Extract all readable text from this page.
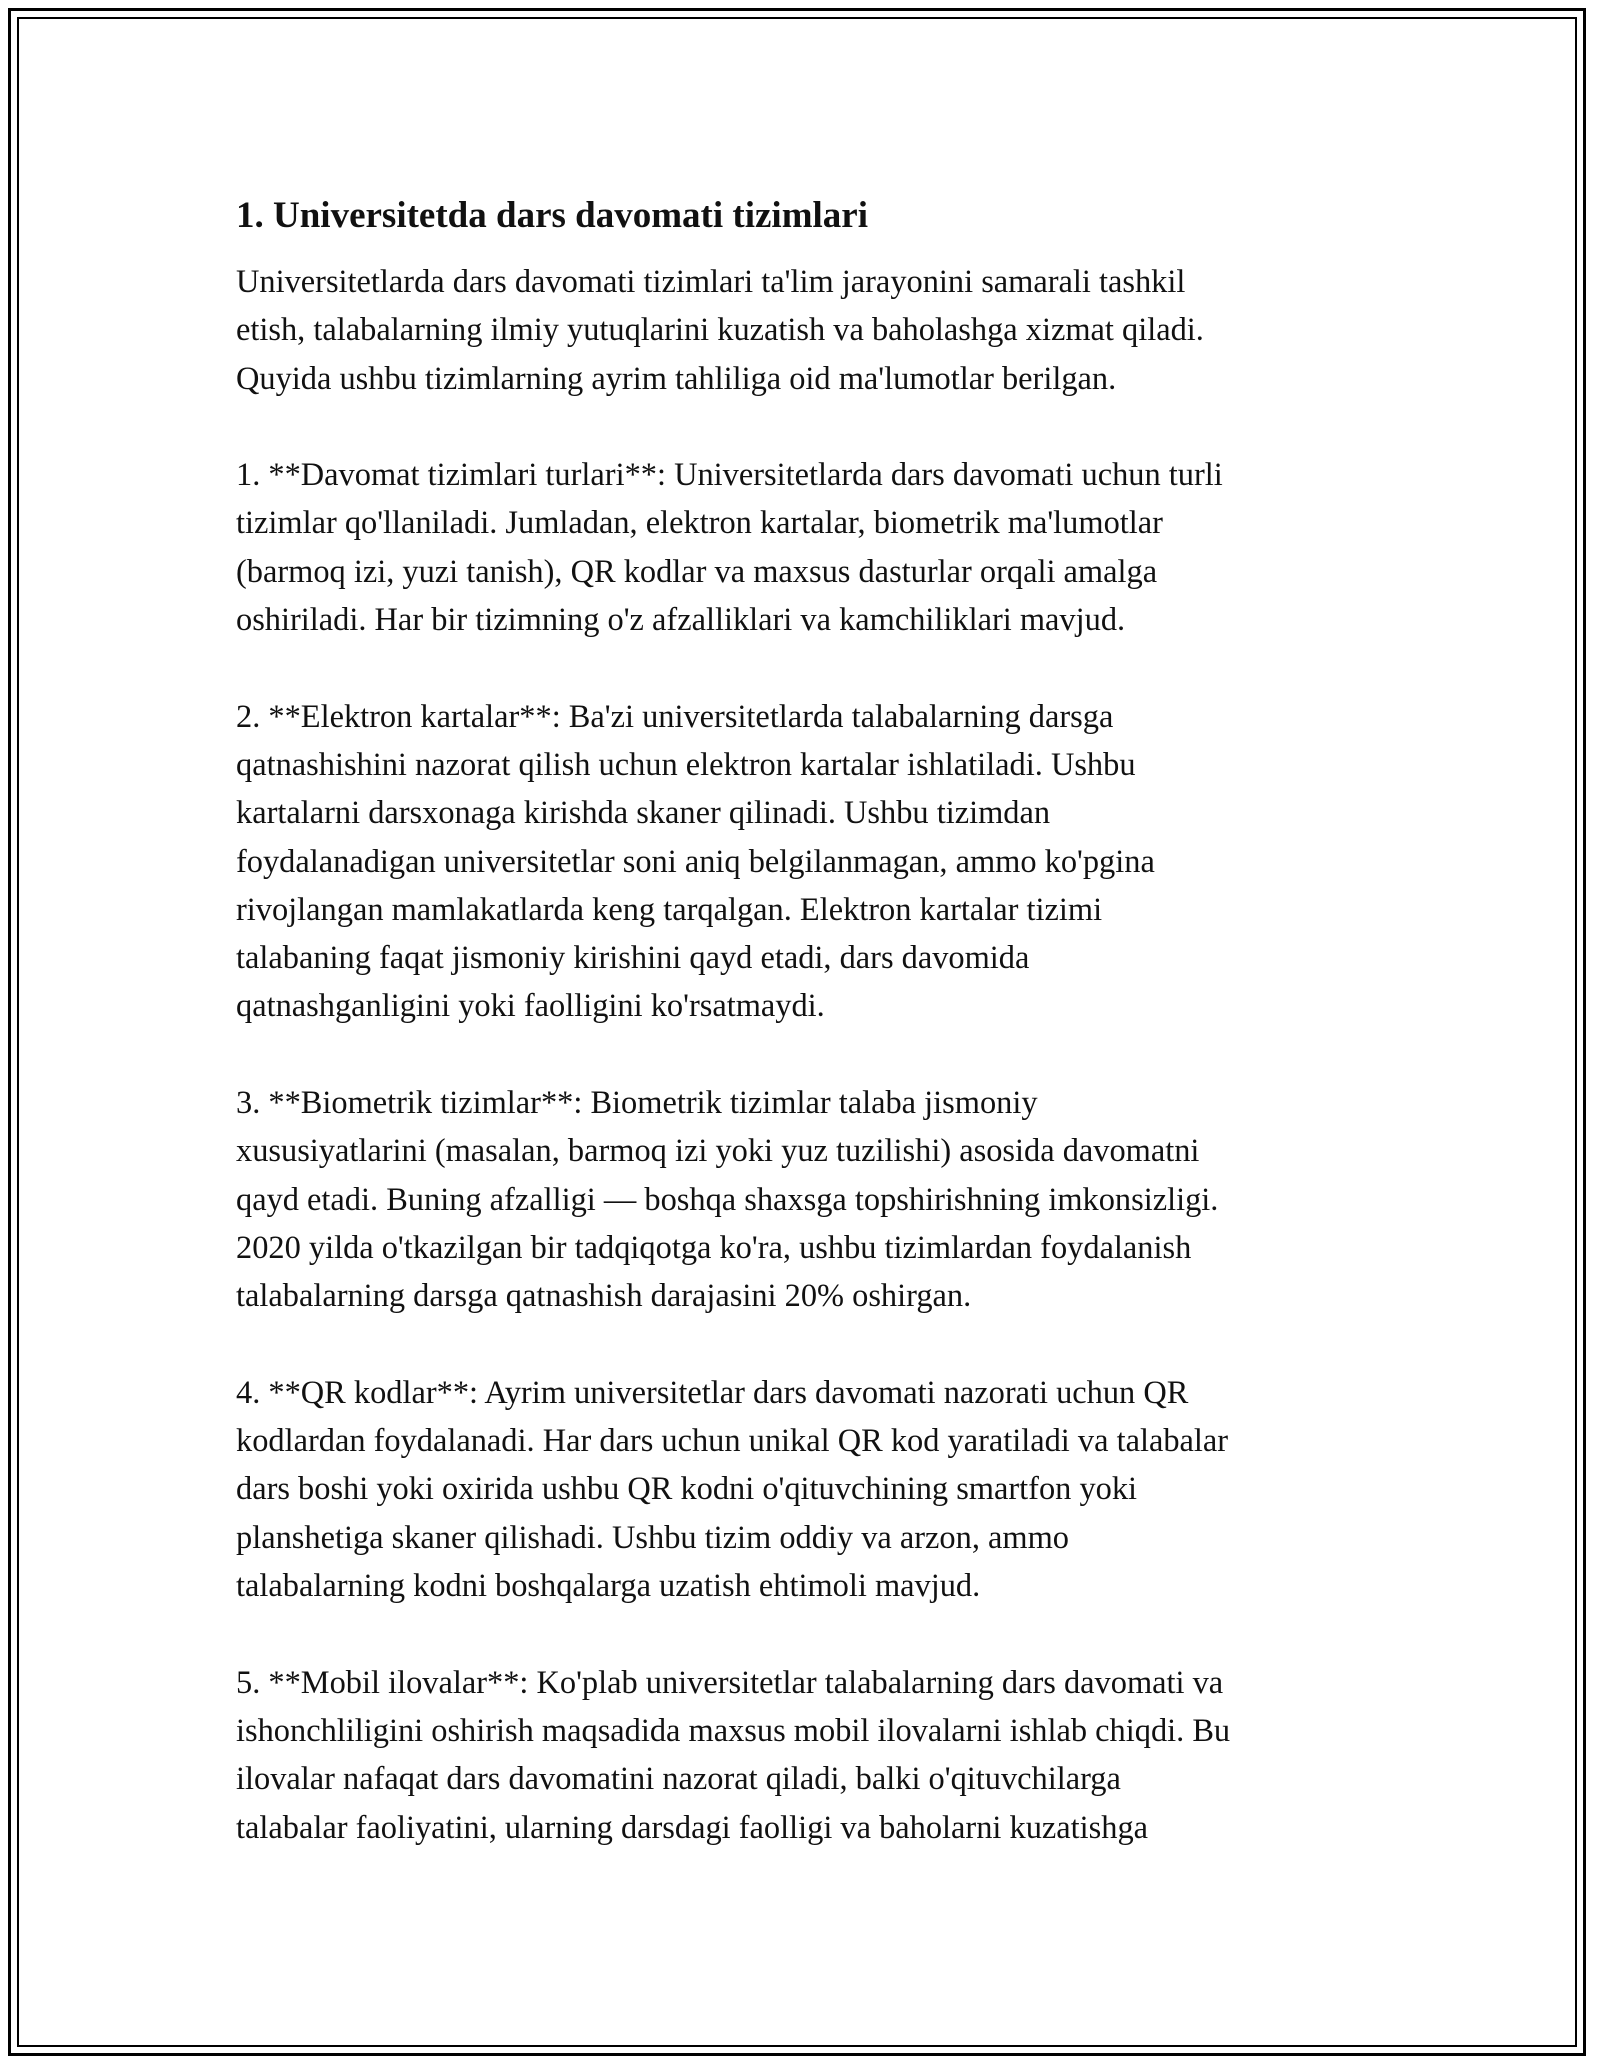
1. Universitetda dars davomati tizimlari

Universitetlarda dars davomati tizimlari ta'lim jarayonini samarali tashkil
etish, talabalarning ilmiy yutuqlarini kuzatish va baholashga xizmat qiladi.
Quyida ushbu tizimlarning ayrim tahliliga oid ma'lumotlar berilgan.

1. **Davomat tizimlari turlari**: Universitetlarda dars davomati uchun turli
tizimlar qo'llaniladi. Jumladan, elektron kartalar, biometrik ma'lumotlar
(barmoq izi, yuzi tanish), QR kodlar va maxsus dasturlar orqali amalga
oshiriladi. Har bir tizimning o'z afzalliklari va kamchiliklari mavjud.

2. **Elektron kartalar**: Ba'zi universitetlarda talabalarning darsga
qatnashishini nazorat qilish uchun elektron kartalar ishlatiladi. Ushbu
kartalarni darsxonaga kirishda skaner qilinadi. Ushbu tizimdan
foydalanadigan universitetlar soni aniq belgilanmagan, ammo ko'pgina
rivojlangan mamlakatlarda keng tarqalgan. Elektron kartalar tizimi
talabaning faqat jismoniy kirishini qayd etadi, dars davomida
qatnashganligini yoki faolligini ko'rsatmaydi.

3. **Biometrik tizimlar**: Biometrik tizimlar talaba jismoniy
xususiyatlarini (masalan, barmoq izi yoki yuz tuzilishi) asosida davomatni
qayd etadi. Buning afzalligi — boshqa shaxsga topshirishning imkonsizligi.
2020 yilda o'tkazilgan bir tadqiqotga ko'ra, ushbu tizimlardan foydalanish
talabalarning darsga qatnashish darajasini 20% oshirgan.

4. **QR kodlar**: Ayrim universitetlar dars davomati nazorati uchun QR
kodlardan foydalanadi. Har dars uchun unikal QR kod yaratiladi va talabalar
dars boshi yoki oxirida ushbu QR kodni o'qituvchining smartfon yoki
planshetiga skaner qilishadi. Ushbu tizim oddiy va arzon, ammo
talabalarning kodni boshqalarga uzatish ehtimoli mavjud.

5. **Mobil ilovalar**: Ko'plab universitetlar talabalarning dars davomati va
ishonchliligini oshirish maqsadida maxsus mobil ilovalarni ishlab chiqdi. Bu
ilovalar nafaqat dars davomatini nazorat qiladi, balki o'qituvchilarga
talabalar faoliyatini, ularning darsdagi faolligi va baholarni kuzatishga
